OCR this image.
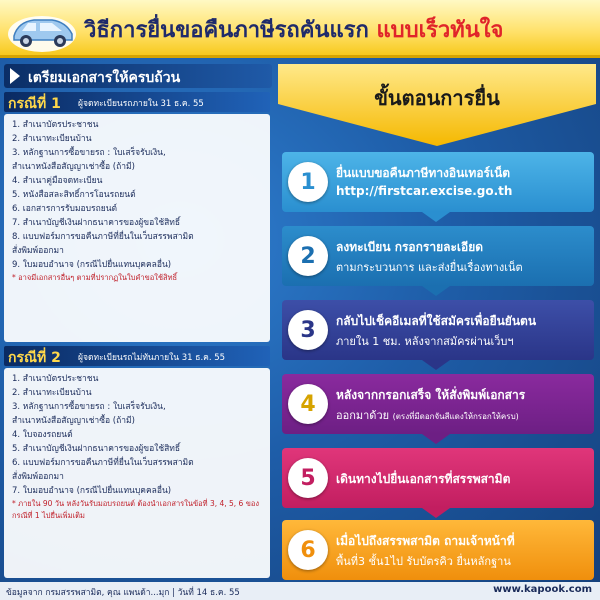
วิธีการยื่นขอคืนภาษีรถคันแรก แบบเร็วทันใจ
เตรียมเอกสารให้ครบถ้วน
กรณีที่ 1 ผู้จดทะเบียนรถภายใน 31 ธ.ค. 55
1. สำเนาบัตรประชาชน
2. สำเนาทะเบียนบ้าน
3. หลักฐานการซื้อขายรถ : ใบเสร็จรับเงิน,
สำเนาหนังสือสัญญาเช่าซื้อ (ถ้ามี)
4. สำเนาคู่มือจดทะเบียน
5. หนังสือสละสิทธิ์การโอนรถยนต์
6. เอกสารการรับมอบรถยนต์
7. สำเนาบัญชีเงินฝากธนาคารของผู้ขอใช้สิทธิ์
8. แบบฟอร์มการขอคืนภาษีที่ยื่นในเว็บสรรพสามิต
สั่งพิมพ์ออกมา
9. ใบมอบอำนาจ (กรณีไปยื่นแทนบุคคลอื่น)
* อาจมีเอกสารอื่นๆ ตามที่ปรากฏในใบคำขอใช้สิทธิ์
กรณีที่ 2 ผู้จดทะเบียนรถไม่ทันภายใน 31 ธ.ค. 55
1. สำเนาบัตรประชาชน
2. สำเนาทะเบียนบ้าน
3. หลักฐานการซื้อขายรถ : ใบเสร็จรับเงิน,
สำเนาหนังสือสัญญาเช่าซื้อ (ถ้ามี)
4. ใบจองรถยนต์
5. สำเนาบัญชีเงินฝากธนาคารของผู้ขอใช้สิทธิ์
6. แบบฟอร์มการขอคืนภาษีที่ยื่นในเว็บสรรพสามิต
สั่งพิมพ์ออกมา
7. ใบมอบอำนาจ (กรณีไปยื่นแทนบุคคลอื่น)
* ภายใน 90 วัน หลังวันรับมอบรถยนต์ ต้องนำเอกสารในข้อที่ 3, 4, 5, 6 ของกรณีที่ 1 ไปยื่นเพิ่มเติม
ขั้นตอนการยื่น
1	ยื่นแบบขอคืนภาษีทางอินเทอร์เน็ต
http://firstcar.excise.go.th
2	ลงทะเบียน กรอกรายละเอียด
ตามกระบวนการ และส่งยื่นเรื่องทางเน็ต
3	กลับไปเช็คอีเมลที่ใช้สมัครเพื่อยืนยันตน
ภายใน 1 ชม. หลังจากสมัครผ่านเว็บฯ
4	หลังจากกรอกเสร็จ ให้สั่งพิมพ์เอกสาร
ออกมาด้วย (ตรงที่มีดอกจันสีแดงให้กรอกให้ครบ)
5	เดินทางไปยื่นเอกสารที่สรรพสามิต
6	เมื่อไปถึงสรรพสามิต ถามเจ้าหน้าที่
พื้นที่3 ชั้น1ไป รับบัตรคิว ยื่นหลักฐาน
ข้อมูลจาก กรมสรรพสามิต, คุณ แพนด้า...มุก | วันที่ 14 ธ.ค. 55	www.kapook.com
